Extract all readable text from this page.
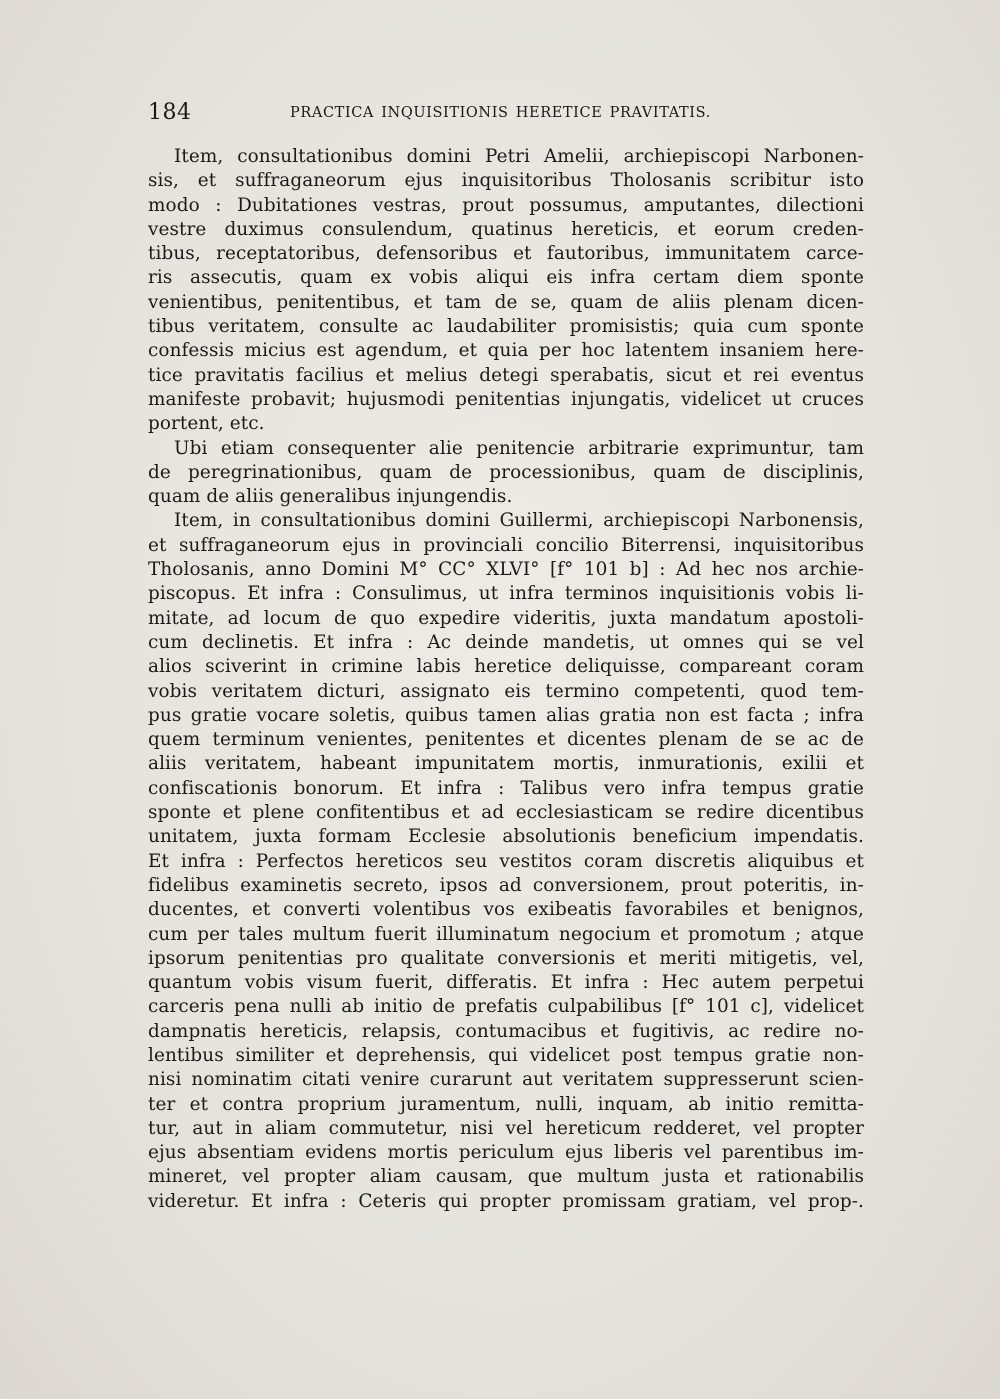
184	PRACTICA INQUISITIONIS HERETICE PRAVITATIS.
Item, consultationibus domini Petri Amelii, archiepiscopi Narbonen-
sis, et suffraganeorum ejus inquisitoribus Tholosanis scribitur isto
modo : Dubitationes vestras, prout possumus, amputantes, dilectioni
vestre duximus consulendum, quatinus hereticis, et eorum creden-
tibus, receptatoribus, defensoribus et fautoribus, immunitatem carce-
ris assecutis, quam ex vobis aliqui eis infra certam diem sponte
venientibus, penitentibus, et tam de se, quam de aliis plenam dicen-
tibus veritatem, consulte ac laudabiliter promisistis; quia cum sponte
confessis micius est agendum, et quia per hoc latentem insaniem here-
tice pravitatis facilius et melius detegi sperabatis, sicut et rei eventus
manifeste probavit; hujusmodi penitentias injungatis, videlicet ut cruces
portent, etc.
Ubi etiam consequenter alie penitencie arbitrarie exprimuntur, tam
de peregrinationibus, quam de processionibus, quam de disciplinis,
quam de aliis generalibus injungendis.
Item, in consultationibus domini Guillermi, archiepiscopi Narbonensis,
et suffraganeorum ejus in provinciali concilio Biterrensi, inquisitoribus
Tholosanis, anno Domini M° CC° XLVI° [f° 101 b] : Ad hec nos archie-
piscopus. Et infra : Consulimus, ut infra terminos inquisitionis vobis li-
mitate, ad locum de quo expedire videritis, juxta mandatum apostoli-
cum declinetis. Et infra : Ac deinde mandetis, ut omnes qui se vel
alios sciverint in crimine labis heretice deliquisse, compareant coram
vobis veritatem dicturi, assignato eis termino competenti, quod tem-
pus gratie vocare soletis, quibus tamen alias gratia non est facta ; infra
quem terminum venientes, penitentes et dicentes plenam de se ac de
aliis veritatem, habeant impunitatem mortis, inmurationis, exilii et
confiscationis bonorum. Et infra : Talibus vero infra tempus gratie
sponte et plene confitentibus et ad ecclesiasticam se redire dicentibus
unitatem, juxta formam Ecclesie absolutionis beneficium impendatis.
Et infra : Perfectos hereticos seu vestitos coram discretis aliquibus et
fidelibus examinetis secreto, ipsos ad conversionem, prout poteritis, in-
ducentes, et converti volentibus vos exibeatis favorabiles et benignos,
cum per tales multum fuerit illuminatum negocium et promotum ; atque
ipsorum penitentias pro qualitate conversionis et meriti mitigetis, vel,
quantum vobis visum fuerit, differatis. Et infra : Hec autem perpetui
carceris pena nulli ab initio de prefatis culpabilibus [f° 101 c], videlicet
dampnatis hereticis, relapsis, contumacibus et fugitivis, ac redire no-
lentibus similiter et deprehensis, qui videlicet post tempus gratie non-
nisi nominatim citati venire curarunt aut veritatem suppresserunt scien-
ter et contra proprium juramentum, nulli, inquam, ab initio remitta-
tur, aut in aliam commutetur, nisi vel hereticum redderet, vel propter
ejus absentiam evidens mortis periculum ejus liberis vel parentibus im-
mineret, vel propter aliam causam, que multum justa et rationabilis
videretur. Et infra : Ceteris qui propter promissam gratiam, vel prop-.
